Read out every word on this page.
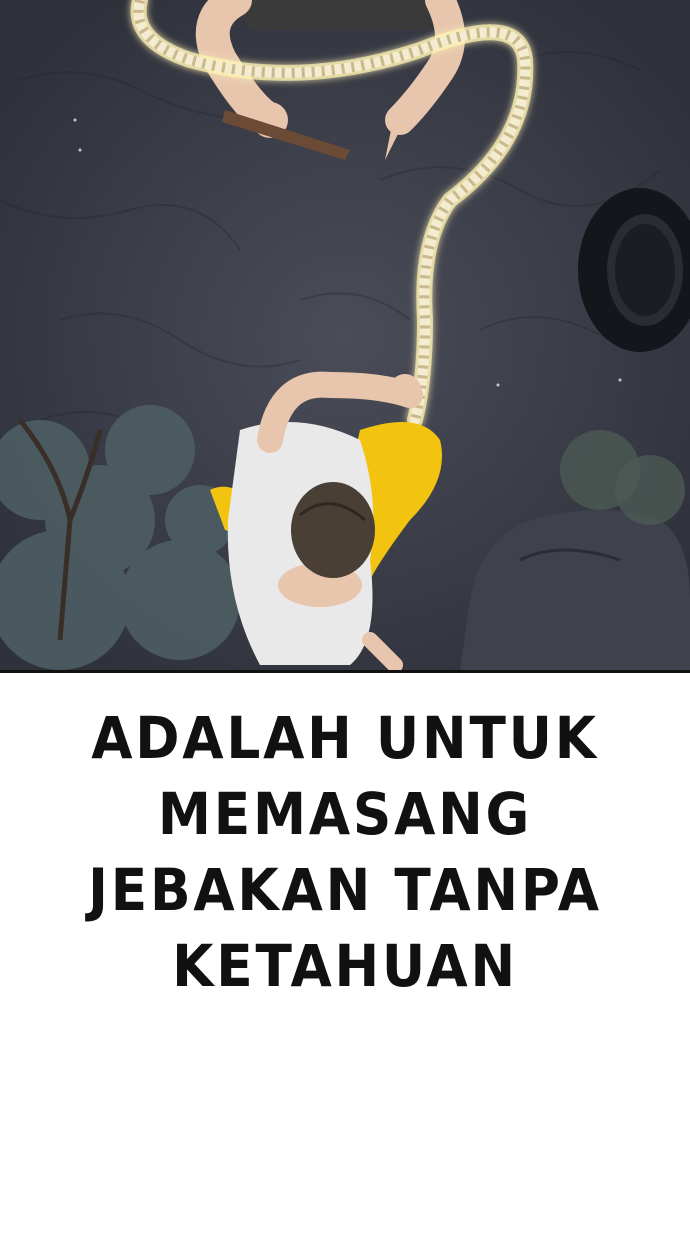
ADALAH UNTUK
MEMASANG
JEBAKAN TANPA
KETAHUAN
